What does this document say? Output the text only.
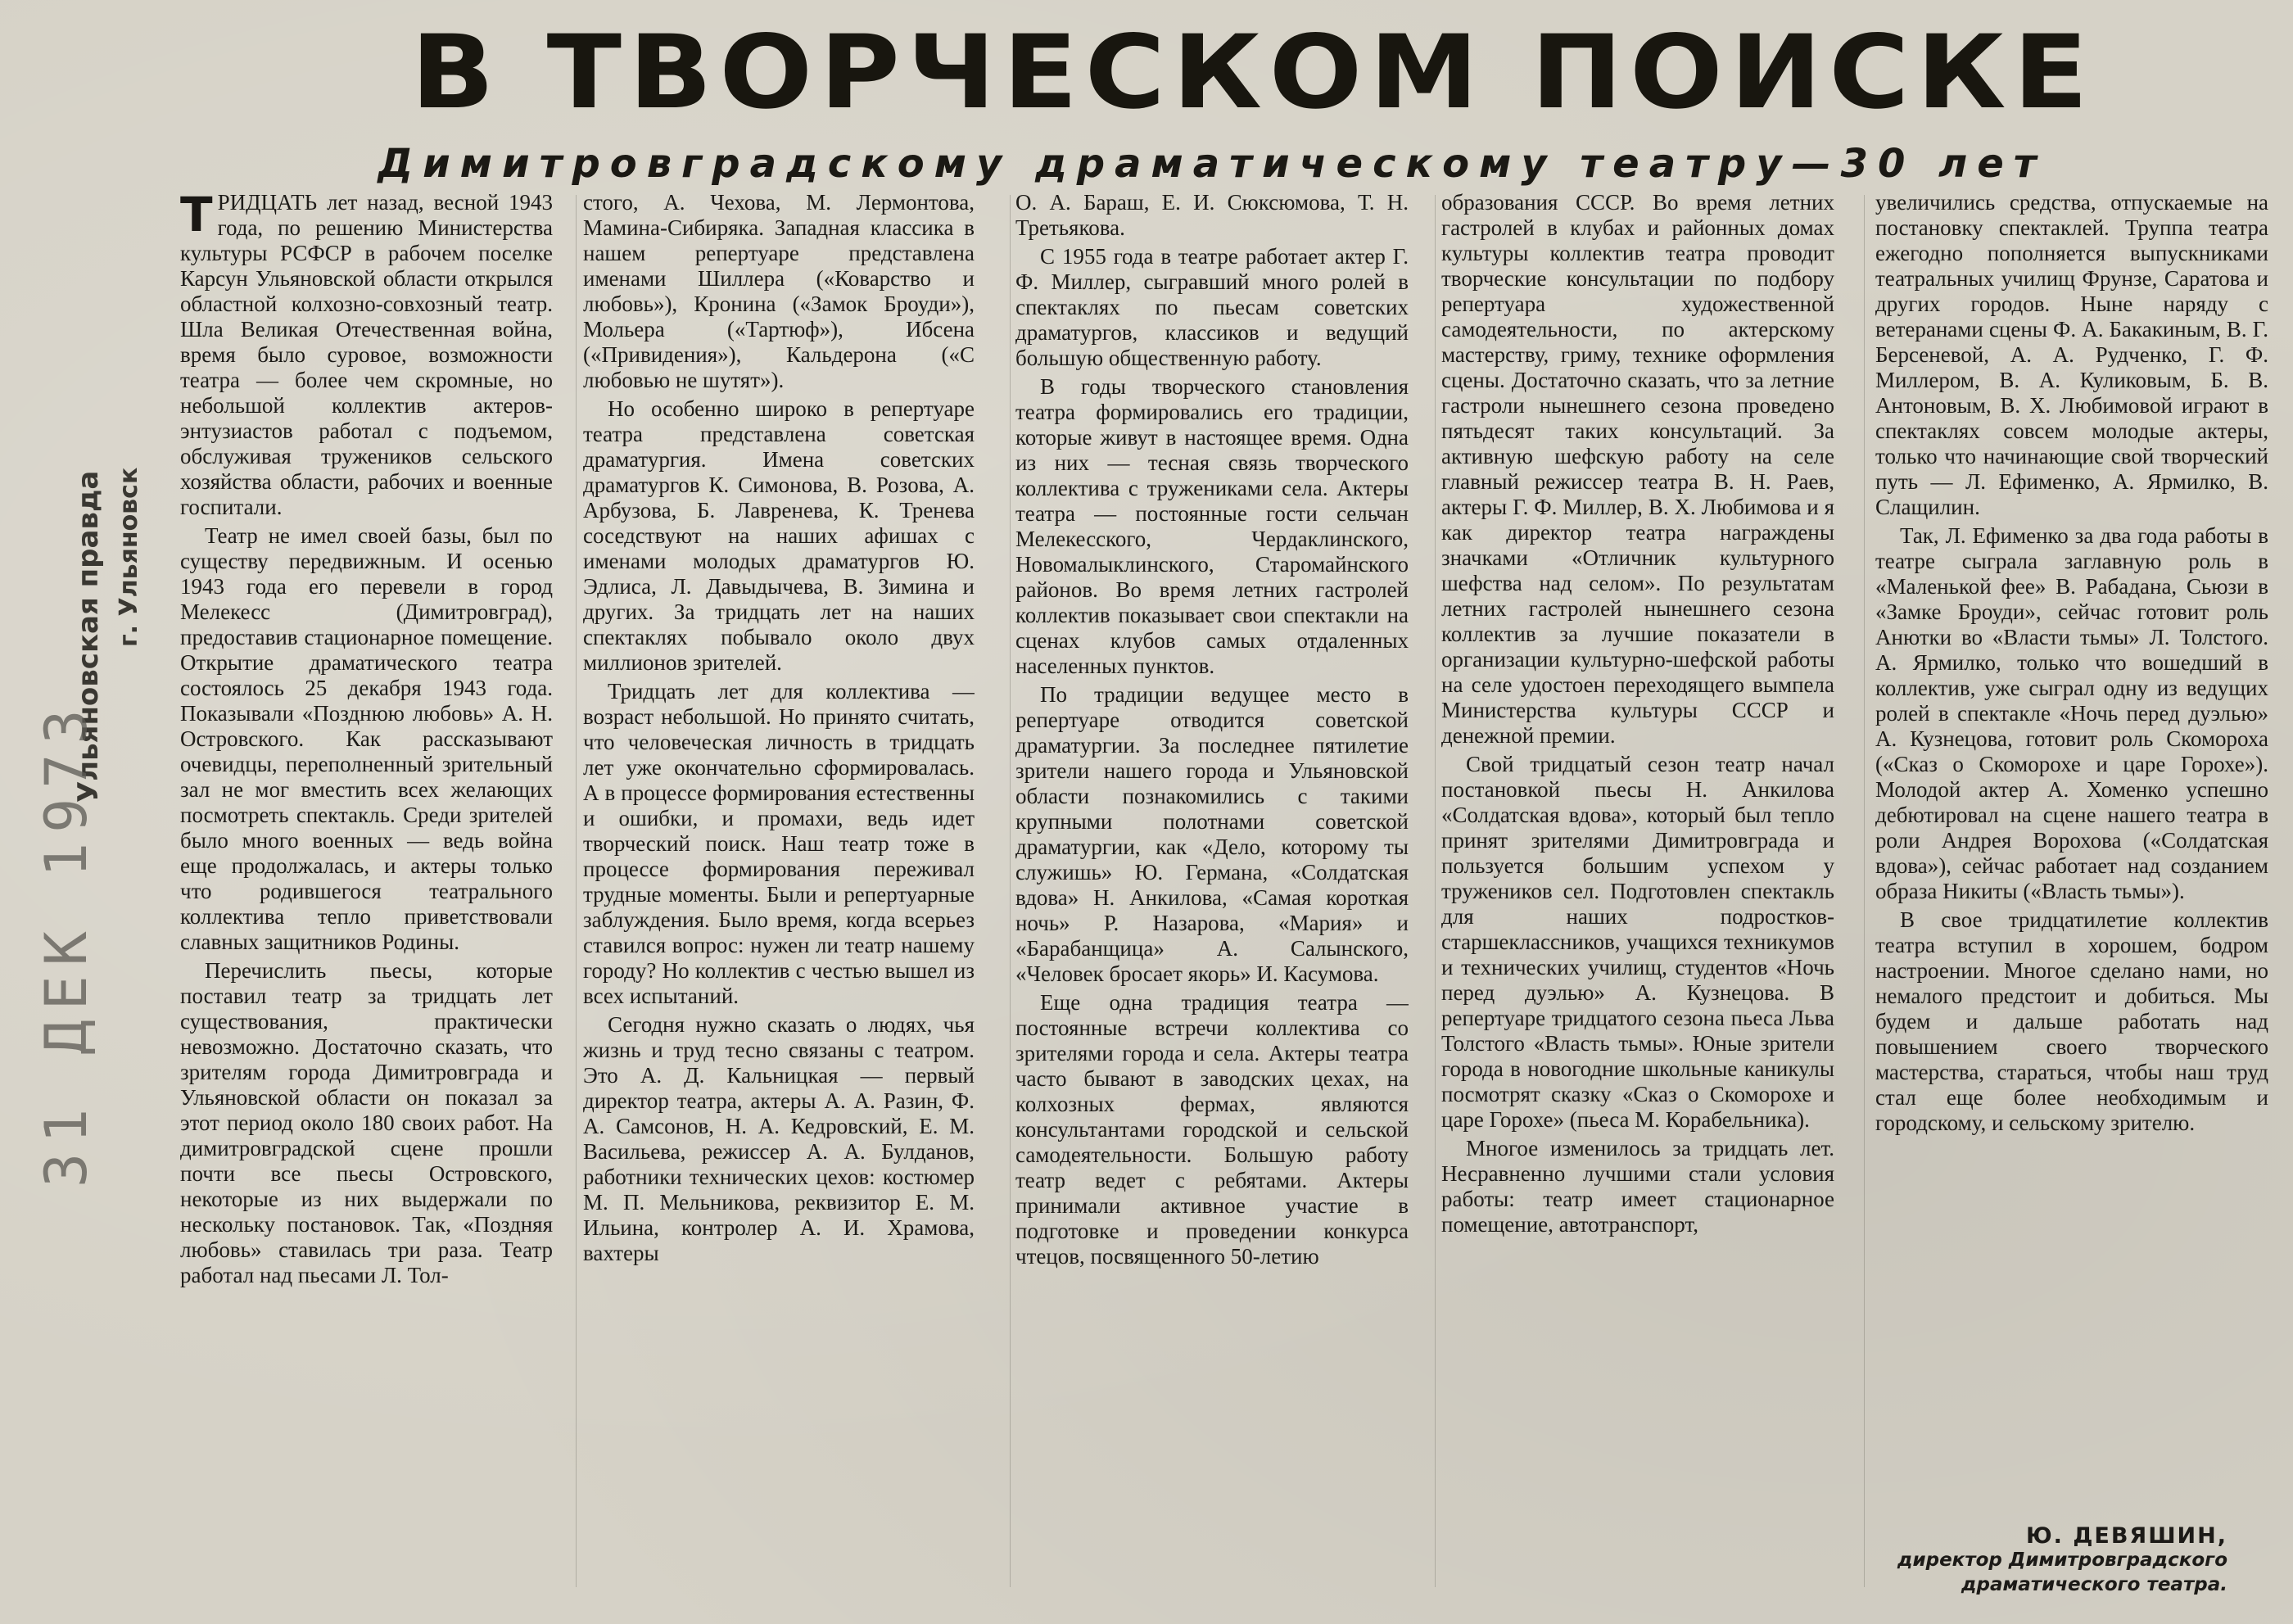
В ТВОРЧЕСКОМ ПОИСКЕ
Димитровградскому драматическому театру—30 лет
Ульяновская правда г. Ульяновск
31 ДЕК 1973

ТРИДЦАТЬ лет назад, весной 1943 года, по решению Министерства культуры РСФСР в рабочем поселке Карсун Ульяновской области открылся областной колхозно-совхозный театр. Шла Великая Отечественная война, время было суровое, возможности театра — более чем скромные, но небольшой коллектив актеров-энтузиастов работал с подъемом, обслуживая тружеников сельского хозяйства области, рабочих и военные госпитали.

Театр не имел своей базы, был по существу передвижным. И осенью 1943 года его перевели в город Мелекесс (Димитровград), предоставив стационарное помещение. Открытие драматического театра состоялось 25 декабря 1943 года. Показывали «Позднюю любовь» А. Н. Островского. Как рассказывают очевидцы, переполненный зрительный зал не мог вместить всех желающих посмотреть спектакль. Среди зрителей было много военных — ведь война еще продолжалась, и актеры только что родившегося театрального коллектива тепло приветствовали славных защитников Родины.

Перечислить пьесы, которые поставил театр за тридцать лет существования, практически невозможно. Достаточно сказать, что зрителям города Димитровграда и Ульяновской области он показал за этот период около 180 своих работ. На димитровградской сцене прошли почти все пьесы Островского, некоторые из них выдержали по нескольку постановок. Так, «Поздняя любовь» ставилась три раза. Театр работал над пьесами Л. Тол-

стого, А. Чехова, М. Лермонтова, Мамина-Сибиряка. Западная классика в нашем репертуаре представлена именами Шиллера («Коварство и любовь»), Кронина («Замок Броуди»), Мольера («Тартюф»), Ибсена («Привидения»), Кальдерона («С любовью не шутят»).

Но особенно широко в репертуаре театра представлена советская драматургия. Имена советских драматургов К. Симонова, В. Розова, А. Арбузова, Б. Лавренева, К. Тренева соседствуют на наших афишах с именами молодых драматургов Ю. Эдлиса, Л. Давыдычева, В. Зимина и других. За тридцать лет на наших спектаклях побывало около двух миллионов зрителей.

Тридцать лет для коллектива — возраст небольшой. Но принято считать, что человеческая личность в тридцать лет уже окончательно сформировалась. А в процессе формирования естественны и ошибки, и промахи, ведь идет творческий поиск. Наш театр тоже в процессе формирования переживал трудные моменты. Были и репертуарные заблуждения. Было время, когда всерьез ставился вопрос: нужен ли театр нашему городу? Но коллектив с честью вышел из всех испытаний.

Сегодня нужно сказать о людях, чья жизнь и труд тесно связаны с театром. Это А. Д. Кальницкая — первый директор театра, актеры А. А. Разин, Ф. А. Самсонов, Н. А. Кедровский, Е. М. Васильева, режиссер А. А. Булданов, работники технических цехов: костюмер М. П. Мельникова, реквизитор Е. М. Ильина, контролер А. И. Храмова, вахтеры

О. А. Бараш, Е. И. Сюксюмова, Т. Н. Третьякова.

С 1955 года в театре работает актер Г. Ф. Миллер, сыгравший много ролей в спектаклях по пьесам советских драматургов, классиков и ведущий большую общественную работу.

В годы творческого становления театра формировались его традиции, которые живут в настоящее время. Одна из них — тесная связь творческого коллектива с тружениками села. Актеры театра — постоянные гости сельчан Мелекесского, Чердаклинского, Новомалыклинского, Старомайнского районов. Во время летних гастролей коллектив показывает свои спектакли на сценах клубов самых отдаленных населенных пунктов.

По традиции ведущее место в репертуаре отводится советской драматургии. За последнее пятилетие зрители нашего города и Ульяновской области познакомились с такими крупными полотнами советской драматургии, как «Дело, которому ты служишь» Ю. Германа, «Солдатская вдова» Н. Анкилова, «Самая короткая ночь» Р. Назарова, «Мария» и «Барабанщица» А. Салынского, «Человек бросает якорь» И. Касумова.

Еще одна традиция театра — постоянные встречи коллектива со зрителями города и села. Актеры театра часто бывают в заводских цехах, на колхозных фермах, являются консультантами городской и сельской самодеятельности. Большую работу театр ведет с ребятами. Актеры принимали активное участие в подготовке и проведении конкурса чтецов, посвященного 50-летию

образования СССР. Во время летних гастролей в клубах и районных домах культуры коллектив театра проводит творческие консультации по подбору репертуара художественной самодеятельности, по актерскому мастерству, гриму, технике оформления сцены. Достаточно сказать, что за летние гастроли нынешнего сезона проведено пятьдесят таких консультаций. За активную шефскую работу на селе главный режиссер театра В. Н. Раев, актеры Г. Ф. Миллер, В. Х. Любимова и я как директор театра награждены значками «Отличник культурного шефства над селом». По результатам летних гастролей нынешнего сезона коллектив за лучшие показатели в организации культурно-шефской работы на селе удостоен переходящего вымпела Министерства культуры СССР и денежной премии.

Свой тридцатый сезон театр начал постановкой пьесы Н. Анкилова «Солдатская вдова», который был тепло принят зрителями Димитровграда и пользуется большим успехом у тружеников сел. Подготовлен спектакль для наших подростков-старшеклассников, учащихся техникумов и технических училищ, студентов «Ночь перед дуэлью» А. Кузнецова. В репертуаре тридцатого сезона пьеса Льва Толстого «Власть тьмы». Юные зрители города в новогодние школьные каникулы посмотрят сказку «Сказ о Скоморохе и царе Горохе» (пьеса М. Корабельника).

Многое изменилось за тридцать лет. Несравненно лучшими стали условия работы: театр имеет стационарное помещение, автотранспорт,

увеличились средства, отпускаемые на постановку спектаклей. Труппа театра ежегодно пополняется выпускниками театральных училищ Фрунзе, Саратова и других городов. Ныне наряду с ветеранами сцены Ф. А. Бакакиным, В. Г. Берсеневой, А. А. Рудченко, Г. Ф. Миллером, В. А. Куликовым, Б. В. Антоновым, В. Х. Любимовой играют в спектаклях совсем молодые актеры, только что начинающие свой творческий путь — Л. Ефименко, А. Ярмилко, В. Слащилин.

Так, Л. Ефименко за два года работы в театре сыграла заглавную роль в «Маленькой фее» В. Рабадана, Сьюзи в «Замке Броуди», сейчас готовит роль Анютки во «Власти тьмы» Л. Толстого. А. Ярмилко, только что вошедший в коллектив, уже сыграл одну из ведущих ролей в спектакле «Ночь перед дуэлью» А. Кузнецова, готовит роль Скомороха («Сказ о Скоморохе и царе Горохе»). Молодой актер А. Хоменко успешно дебютировал на сцене нашего театра в роли Андрея Ворохова («Солдатская вдова»), сейчас работает над созданием образа Никиты («Власть тьмы»).

В свое тридцатилетие коллектив театра вступил в хорошем, бодром настроении. Многое сделано нами, но немалого предстоит и добиться. Мы будем и дальше работать над повышением своего творческого мастерства, стараться, чтобы наш труд стал еще более необходимым и городскому, и сельскому зрителю.

Ю. ДЕВЯШИН,
директор Димитровградского драматического театра.
